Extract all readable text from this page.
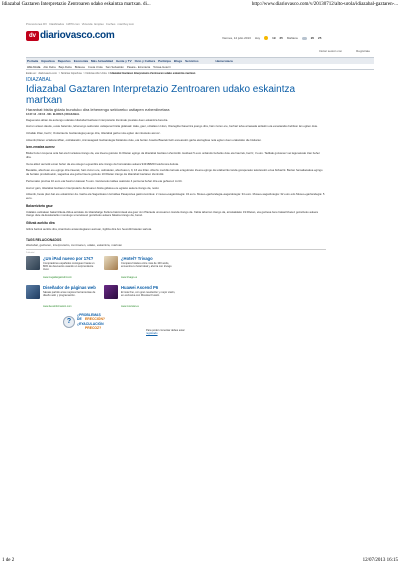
Idiazabal Gaztaren Interpretazio Zentroaren udako eskaintza martxan. di...	http://www.diariovasco.com/v/20130712/alto-urola/idiazabal-gaztaren-...
Promociones DV Clasificados 11870.com Vivienda Empleo Coches miarrhoy.com
dv diariovasco.com	Viernes, 12 julio 2013 Hoy	19 25 Mañana	20 25
Iniciar sesión con	Regístrate
Portada Gipuzkoa Deportes Economía Más Actualidad Gente y TV Ocio y Cultura Participa Blogs Servicios	Hemeroteca
Alto Urola Alto Deba Bajo Deba Bidasoa Costa Urola San Sebastián Pasaia - Errenteria Tolosa-Goierri
Estás en: diariovasco.com > Noticias Gipuzkoa > Noticias Alto Urola > Idiazabal Gaztaren Interpretazio Zentroaren udako eskaintza martxan
IDIAZABAL
Idiazabal Gaztaren Interpretazio Zentroaren udako eskaintza martxan
Haranbat bisita gidatu burutuko dira lehenengo sektoreko ustiapen ezberdinetara
12.07.13 - 00:16 - MC. ELORZA | IDIAZABAL

Dagoeneko abian da aurtengo udarako Idiazabal Gaztaren Interpretazio Zentroak prestatu duen eskaintza berezia.

Horren artean daude, euste batersko, lehenengo sektoreko ustiapenei bisita gidatuak: Hala, gaur, uztailaren 12an, Otazegibel baserrira joango dira, hain zuzen ere, berhari telva arnasada ardiekin eta esnetaraiko behikon lan egiten dute.

Uztailak 19an, berriz, Ondarraurtu Gaztandegia joango dira, Idiazabal gazta nola egiten den ikusteko asmoz.

Azkenik,hilaren uztailaren26an, ostiralarekin, Anmasagasti Gaztandegia bisitatuko dute, eta bertan Joseba Biaotek behi esnearekin gazta ekologikoa nola egiten duen erakutsiko die bisitariei.

Izen-ematea aurrez

Bisita horien txupena onla bat eta bi artekoa izango da, eta irteera goizeko 11:00etan egingo da Idiazabal Gaztaren Zentroitik. Helduek 5 euro ordaindu beharko dute eta haurrek, berriz, 3 euro. Tadikak gutxienez sei lagunekoak izan beher dira.

Izena aldez aurretik eman beher da eta ostegun eguerdira arte izango da horretarako aukera 943188203 telefonora deituta.

Bestalde, abuztuan ere egingo dira irteerak, hain zuzen ere, ostiraletan, abuztuaren, 9, 16 eta 23an. Abuztu meridko larreak ezagutzeko irteera egingo da udaberriko landa gorapeneko tekolerekin ezoa bizkarrik. Bertan hamaiketakoa egingo da bertako produktuekin, sagardoa eta gazta.Irteera goizeko 10:00etan izango da Idiazabal Gaztaren Zentroitik.

Pertsonako prezioa 10 euro eta haurren kasuan 5 euro. Gutxieneko taldea osatzeko 4 pertsona behar dira eta gehienez zortzi.

Horrez gain, Idiazabal Gaztaren Interpretazio Zentroaren bisita gidatua ere egiteko aukera izango da, noski.

Azkenik, beste plan bat ere eskaintzen da. Gazta eta Sagardoaren lurraldea Pasaportea gastronomikoa: 2 museo+sagardotegia: 34 euro. Museo+gaztandegia+sagardotegia: 34 euro. Museo+sagardotegia: 32 euro edo Museo+gaztandegia: 5 euro.

Bakarrizketa gaur

Udalako ostiralean bakarrizketa-zikloa antolatu du Idiazabalgo Kultura batzordeak eta gaur Jon Plazaola umorearren txanda izango da. Xabia taberran izango da, arratsaldeko 19:00etan, eta gaztesa bere bakarrizketez gozatzeko aukera izango dute da.Euskarazko monologo umoretsuaz gozatzeko aukera bikaina izango da, beraz.

Giltzak aurkitu dira

Giltza batzuk aurkitu dira, Arantzazu ansiendegiaren aurrean, ttgiltza dira Aro heunditi batetan sartuta.

TAGS RELACIONADOS
idiazabal, gaztaren, interpretazio, zentroaren, udako, eskaintza, martxan
Publicidad
¿Un iPad nuevo por 17€?
Compradores españoles consiguen hasta un 80% de descuento usando un sorprendente truco
www.megabargains24.com
¿Hotel? Trivago
Compara hoteles entre más de 100 webs, encuentra tu hotel ideal y ahorra con trivago
www.trivago.es
Diseñador de páginas web
Sácate partido a las mejores herramientas de diseño web y programación.
www.deusinformacion.com
Huawei Ascend P6
El más fino, con gran resolución y mejor visión, en exclusiva con Movistar Fusión.
www.movistar.es
?
¿PROBLEMAS DE ERECCIÓN?
¿EYACULACIÓN
PRECOZ?	Para poder comentar debes estar registrado
1 de 2	12/07/2013 16:15
